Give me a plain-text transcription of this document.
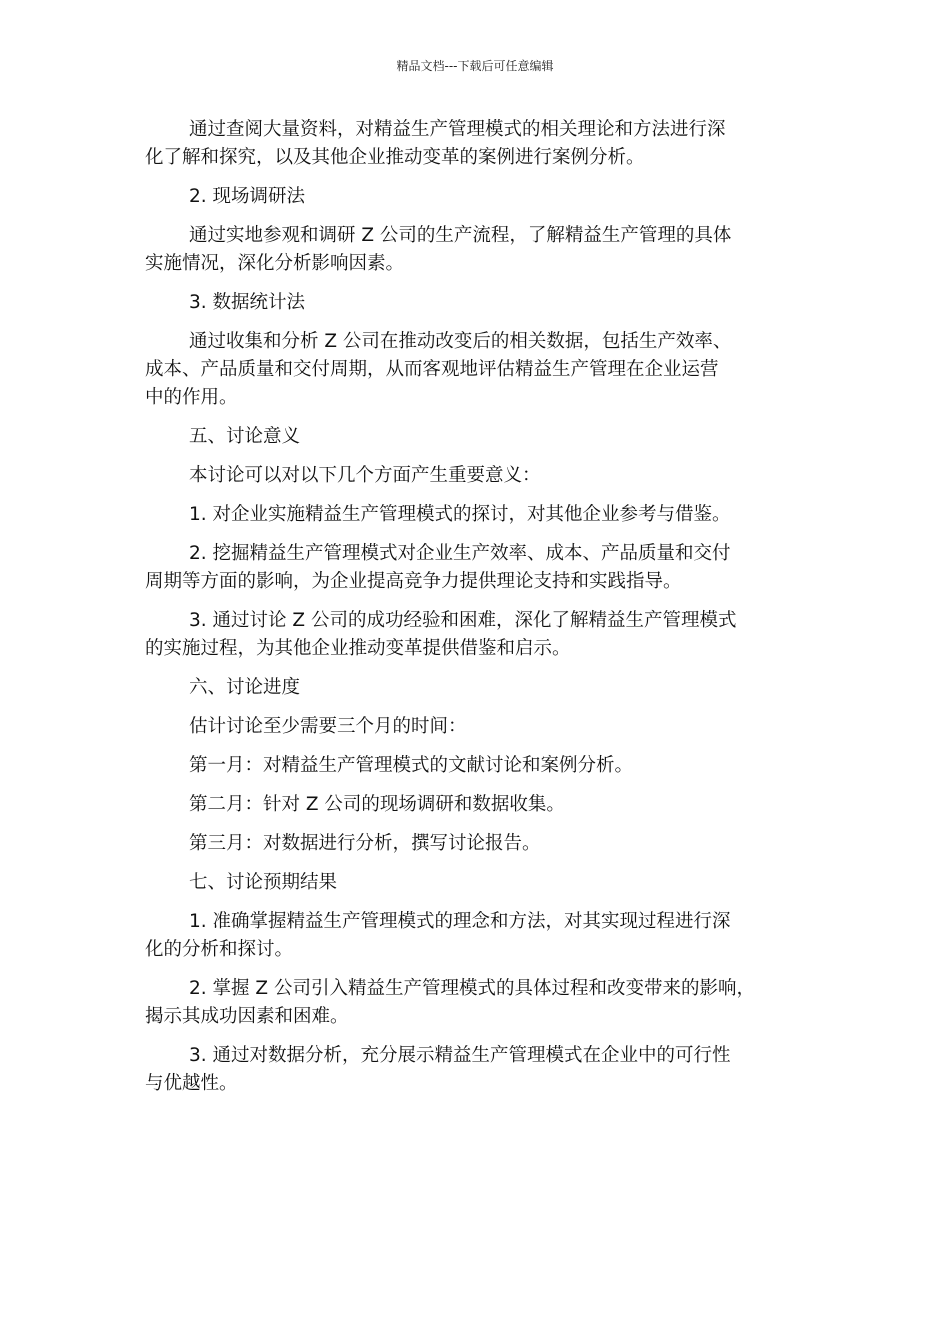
精品文档---下载后可任意编辑

通过查阅大量资料，对精益生产管理模式的相关理论和方法进行深
化了解和探究，以及其他企业推动变革的案例进行案例分析。

2. 现场调研法

通过实地参观和调研 Z 公司的生产流程，了解精益生产管理的具体
实施情况，深化分析影响因素。

3. 数据统计法

通过收集和分析 Z 公司在推动改变后的相关数据，包括生产效率、
成本、产品质量和交付周期，从而客观地评估精益生产管理在企业运营
中的作用。

五、讨论意义

本讨论可以对以下几个方面产生重要意义：

1. 对企业实施精益生产管理模式的探讨，对其他企业参考与借鉴。

2. 挖掘精益生产管理模式对企业生产效率、成本、产品质量和交付
周期等方面的影响，为企业提高竞争力提供理论支持和实践指导。

3. 通过讨论 Z 公司的成功经验和困难，深化了解精益生产管理模式
的实施过程，为其他企业推动变革提供借鉴和启示。

六、讨论进度

估计讨论至少需要三个月的时间：

第一月：对精益生产管理模式的文献讨论和案例分析。

第二月：针对 Z 公司的现场调研和数据收集。

第三月：对数据进行分析，撰写讨论报告。

七、讨论预期结果

1. 准确掌握精益生产管理模式的理念和方法，对其实现过程进行深
化的分析和探讨。

2. 掌握 Z 公司引入精益生产管理模式的具体过程和改变带来的影响，
揭示其成功因素和困难。

3. 通过对数据分析，充分展示精益生产管理模式在企业中的可行性
与优越性。
